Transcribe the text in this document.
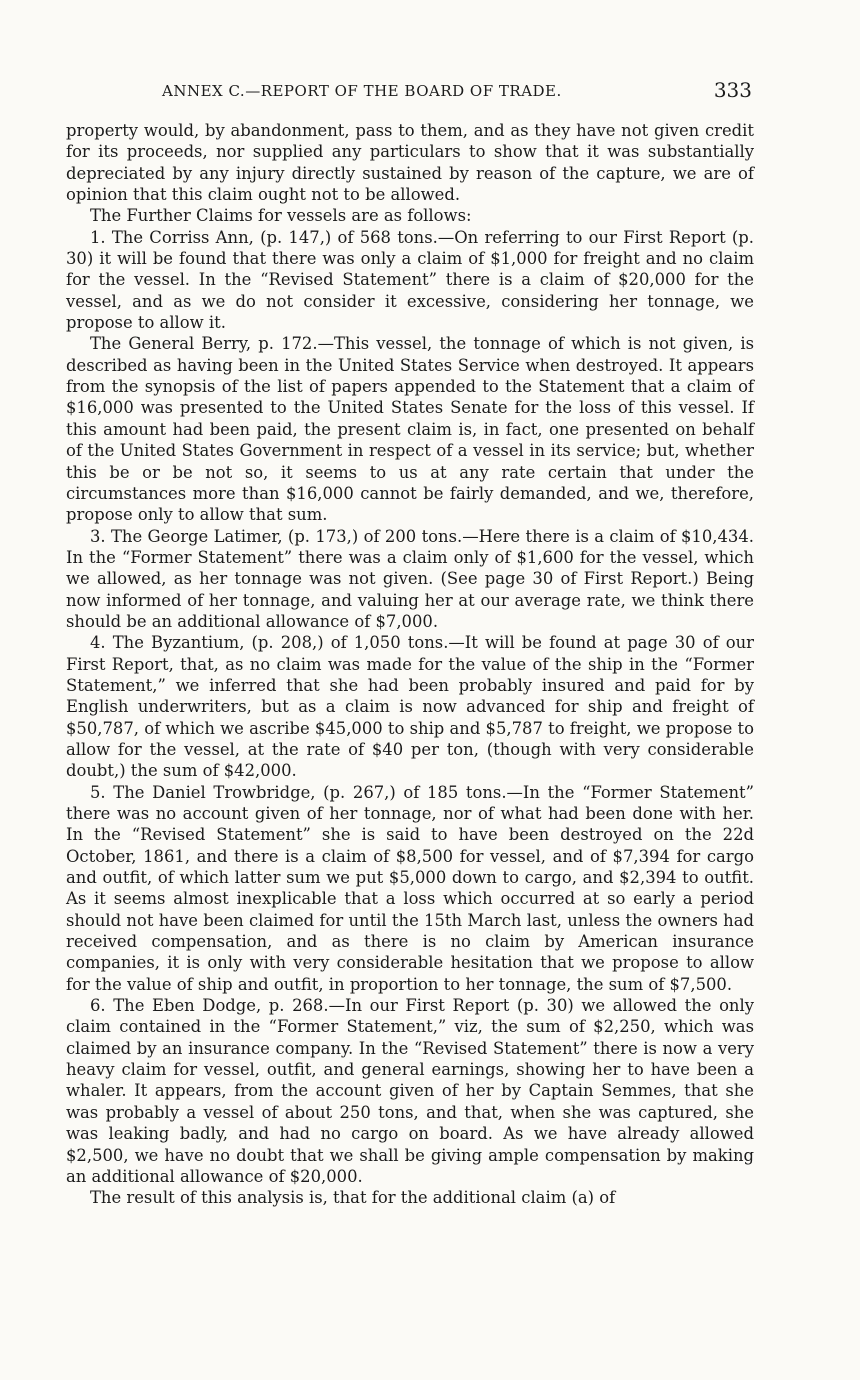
ANNEX C.—REPORT OF THE BOARD OF TRADE.	333

property would, by abandonment, pass to them, and as they have not given credit for its proceeds, nor supplied any particulars to show that it was substantially depreciated by any injury directly sustained by reason of the capture, we are of opinion that this claim ought not to be allowed.

The Further Claims for vessels are as follows:

1. The Corriss Ann, (p. 147,) of 568 tons.—On referring to our First Report (p. 30) it will be found that there was only a claim of $1,000 for freight and no claim for the vessel. In the “Revised Statement” there is a claim of $20,000 for the vessel, and as we do not consider it excessive, considering her tonnage, we propose to allow it.

The General Berry, p. 172.—This vessel, the tonnage of which is not given, is described as having been in the United States Service when destroyed. It appears from the synopsis of the list of papers appended to the Statement that a claim of $16,000 was presented to the United States Senate for the loss of this vessel. If this amount had been paid, the present claim is, in fact, one presented on behalf of the United States Government in respect of a vessel in its service; but, whether this be or be not so, it seems to us at any rate certain that under the circumstances more than $16,000 cannot be fairly demanded, and we, therefore, propose only to allow that sum.

3. The George Latimer, (p. 173,) of 200 tons.—Here there is a claim of $10,434. In the “Former Statement” there was a claim only of $1,600 for the vessel, which we allowed, as her tonnage was not given. (See page 30 of First Report.) Being now informed of her tonnage, and valuing her at our average rate, we think there should be an additional allowance of $7,000.

4. The Byzantium, (p. 208,) of 1,050 tons.—It will be found at page 30 of our First Report, that, as no claim was made for the value of the ship in the “Former Statement,” we inferred that she had been probably insured and paid for by English underwriters, but as a claim is now advanced for ship and freight of $50,787, of which we ascribe $45,000 to ship and $5,787 to freight, we propose to allow for the vessel, at the rate of $40 per ton, (though with very considerable doubt,) the sum of $42,000.

5. The Daniel Trowbridge, (p. 267,) of 185 tons.—In the “Former Statement” there was no account given of her tonnage, nor of what had been done with her. In the “Revised Statement” she is said to have been destroyed on the 22d October, 1861, and there is a claim of $8,500 for vessel, and of $7,394 for cargo and outfit, of which latter sum we put $5,000 down to cargo, and $2,394 to outfit. As it seems almost inexplicable that a loss which occurred at so early a period should not have been claimed for until the 15th March last, unless the owners had received compensation, and as there is no claim by American insurance companies, it is only with very considerable hesitation that we propose to allow for the value of ship and outfit, in proportion to her tonnage, the sum of $7,500.

6. The Eben Dodge, p. 268.—In our First Report (p. 30) we allowed the only claim contained in the “Former Statement,” viz, the sum of $2,250, which was claimed by an insurance company. In the “Revised Statement” there is now a very heavy claim for vessel, outfit, and general earnings, showing her to have been a whaler. It appears, from the account given of her by Captain Semmes, that she was probably a vessel of about 250 tons, and that, when she was captured, she was leaking badly, and had no cargo on board. As we have already allowed $2,500, we have no doubt that we shall be giving ample compensation by making an additional allowance of $20,000.

The result of this analysis is, that for the additional claim (a) of
